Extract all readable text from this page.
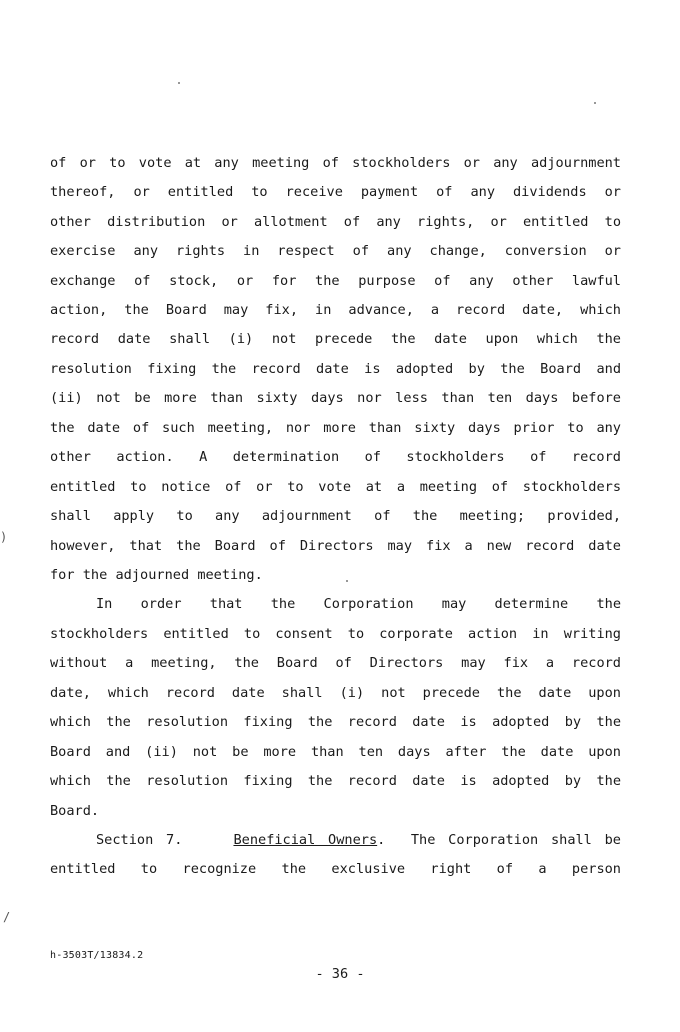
)
/
of or to vote at any meeting of stockholders or any adjournment
thereof, or entitled to receive payment of any dividends or
other distribution or allotment of any rights, or entitled to
exercise any rights in respect of any change, conversion or
exchange of stock, or for the purpose of any other lawful
action, the Board may fix, in advance, a record date, which
record date shall (i) not precede the date upon which the
resolution fixing the record date is adopted by the Board and
(ii) not be more than sixty days nor less than ten days before
the date of such meeting, nor more than sixty days prior to any
other action. A determination of stockholders of record
entitled to notice of or to vote at a meeting of stockholders
shall apply to any adjournment of the meeting; provided,
however, that the Board of Directors may fix a new record date
for the adjourned meeting.
In order that the Corporation may determine the
stockholders entitled to consent to corporate action in writing
without a meeting, the Board of Directors may fix a record
date, which record date shall (i) not precede the date upon
which the resolution fixing the record date is adopted by the
Board and (ii) not be more than ten days after the date upon
which the resolution fixing the record date is adopted by the
Board.
Section 7.	Beneficial Owners. The Corporation shall be
entitled to recognize the exclusive right of a person
h-3503T/13834.2
- 36 -
